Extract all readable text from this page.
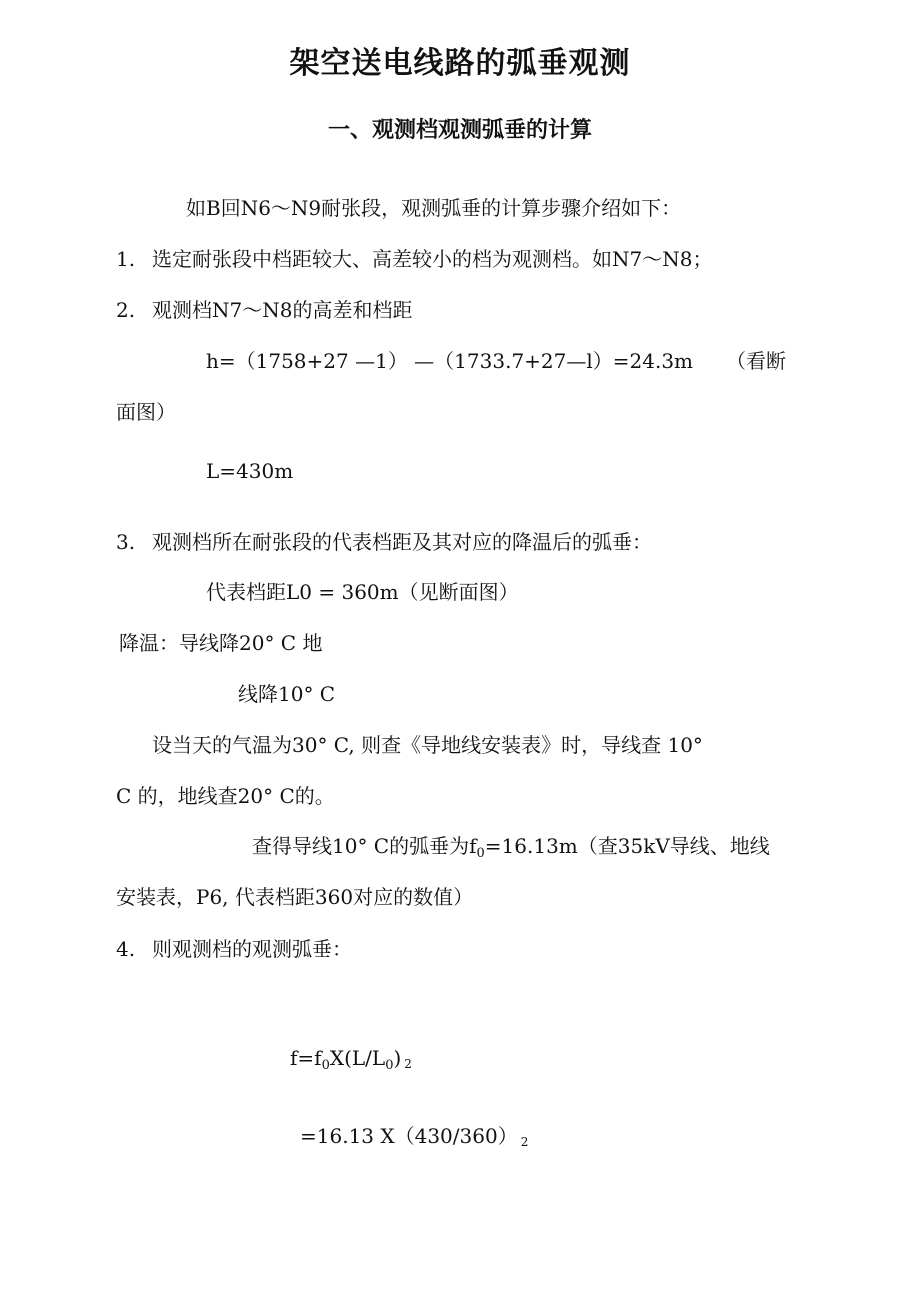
架空送电线路的弧垂观测
一、观测档观测弧垂的计算
如B回N6～N9耐张段，观测弧垂的计算步骤介绍如下：
1. 选定耐张段中档距较大、高差较小的档为观测档。如N7～N8；
2. 观测档N7～N8的高差和档距
h=（1758+27 —1） —（1733.7+27—l）=24.3m （看断
面图）
L=430m
3. 观测档所在耐张段的代表档距及其对应的降温后的弧垂：
代表档距L0 = 360m（见断面图）
降温：导线降20° C 地
线降10° C
设当天的气温为30° C, 则查《导地线安装表》时，导线查 10°
C 的，地线查20° C的。
查得导线10° C的弧垂为$f_0=16.13m$（查35kV导线、地线
安装表，P6, 代表档距360对应的数值）
4. 则观测档的观测弧垂：
$f=f_0X(L/L_0)$ 2
=16.13 X（430/360） 2
